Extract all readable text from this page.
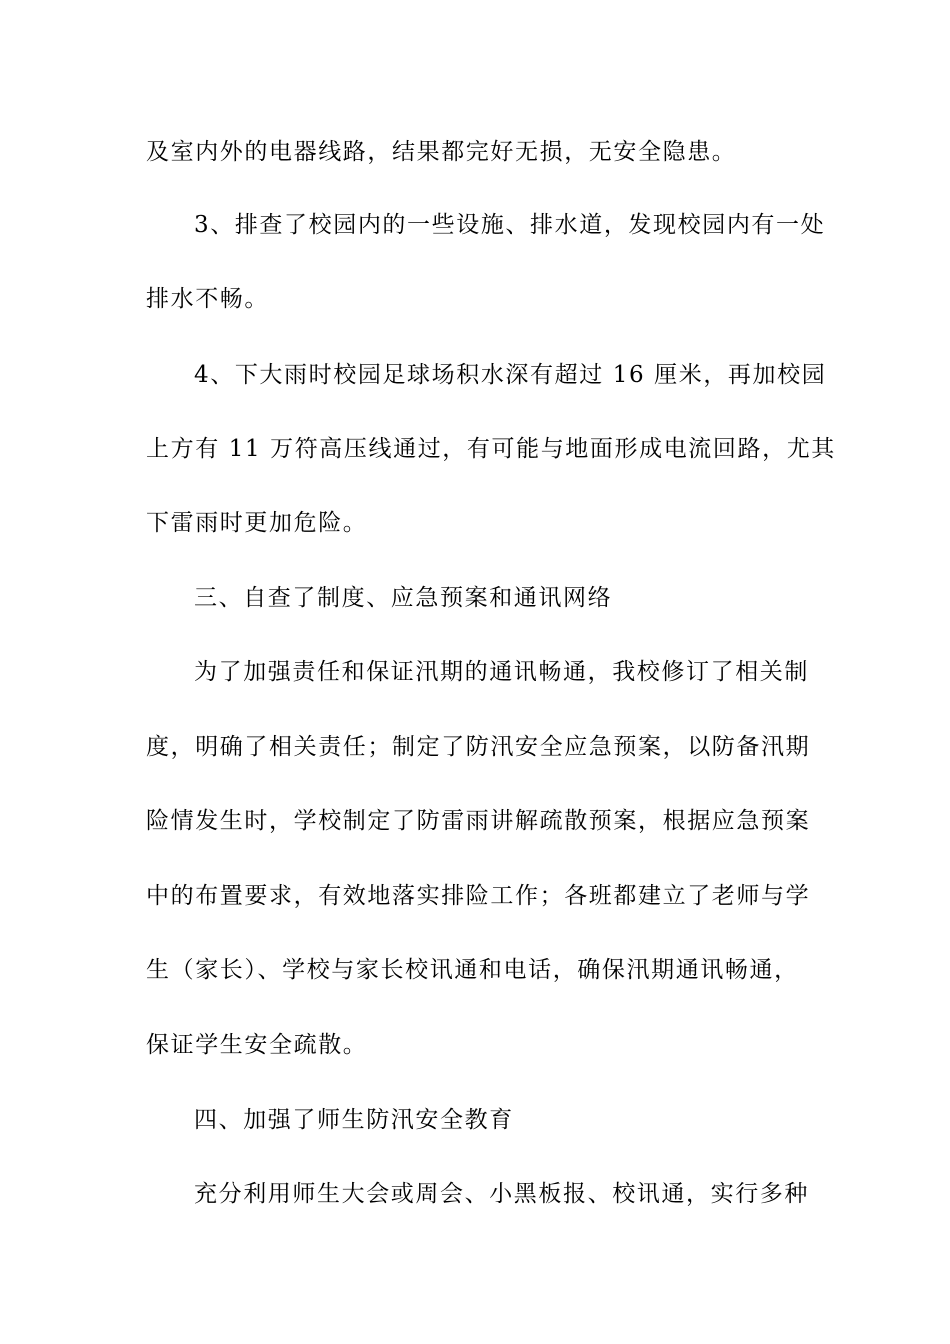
及室内外的电器线路，结果都完好无损，无安全隐患。
3、排查了校园内的一些设施、排水道，发现校园内有一处
排水不畅。
4、下大雨时校园足球场积水深有超过 16 厘米，再加校园
上方有 11 万符高压线通过，有可能与地面形成电流回路，尤其
下雷雨时更加危险。
三、自查了制度、应急预案和通讯网络
为了加强责任和保证汛期的通讯畅通，我校修订了相关制
度，明确了相关责任；制定了防汛安全应急预案，以防备汛期
险情发生时，学校制定了防雷雨讲解疏散预案，根据应急预案
中的布置要求，有效地落实排险工作；各班都建立了老师与学
生（家长）、学校与家长校讯通和电话，确保汛期通讯畅通，
保证学生安全疏散。
四、加强了师生防汛安全教育
充分利用师生大会或周会、小黑板报、校讯通，实行多种
